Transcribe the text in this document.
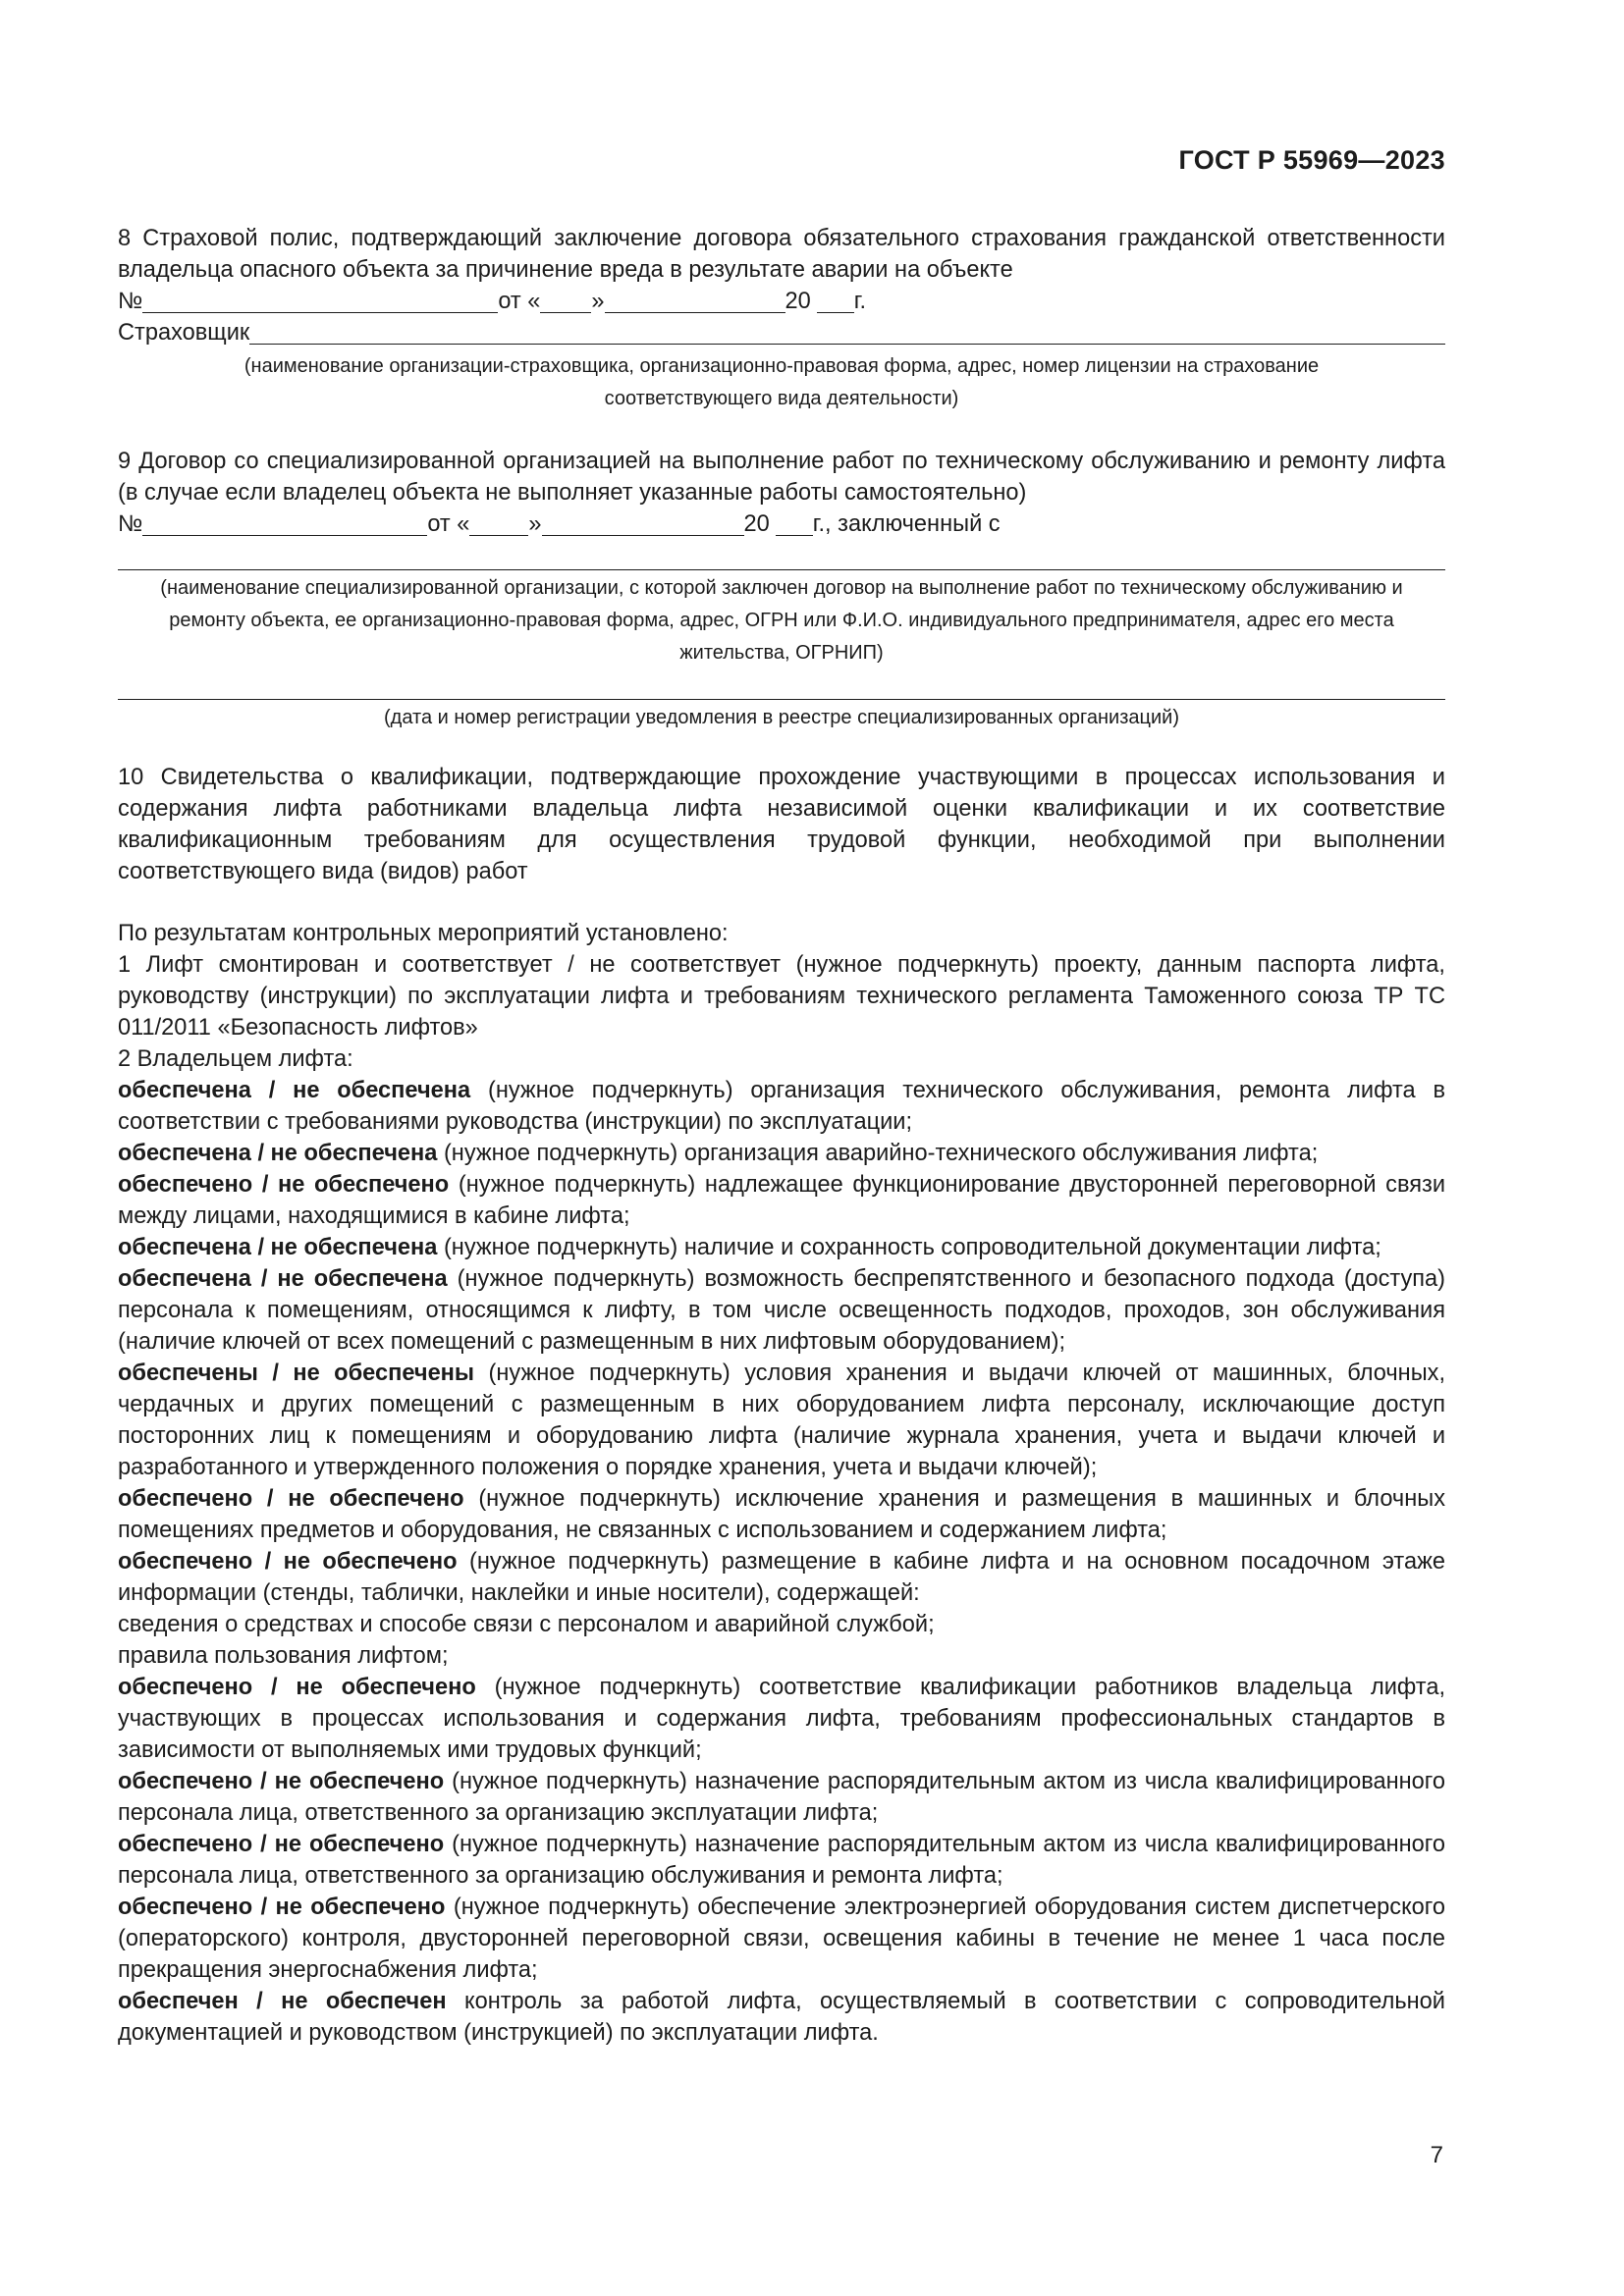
ГОСТ Р 55969—2023

8 Страховой полис, подтверждающий заключение договора обязательного страхования гражданской ответственности владельца опасного объекта за причинение вреда в результате аварии на объекте

№	от « »	20 г.
Страховщик
(наименование организации-страховщика, организационно-правовая форма, адрес, номер лицензии на страхование соответствующего вида деятельности)

9 Договор со специализированной организацией на выполнение работ по техническому обслуживанию и ремонту лифта (в случае если владелец объекта не выполняет указанные работы самостоятельно)

№	от «	»	20 г., заключенный с
(наименование специализированной организации, с которой заключен договор на выполнение работ по техническому обслуживанию и ремонту объекта, ее организационно-правовая форма, адрес, ОГРН или Ф.И.О. индивидуального предпринимателя, адрес его места жительства, ОГРНИП)
(дата и номер регистрации уведомления в реестре специализированных организаций)

10 Свидетельства о квалификации, подтверждающие прохождение участвующими в процессах использования и содержания лифта работниками владельца лифта независимой оценки квалификации и их соответствие квалификационным требованиям для осуществления трудовой функции, необходимой при выполнении соответствующего вида (видов) работ

По результатам контрольных мероприятий установлено:

1 Лифт смонтирован и соответствует / не соответствует (нужное подчеркнуть) проекту, данным паспорта лифта, руководству (инструкции) по эксплуатации лифта и требованиям технического регламента Таможенного союза ТР ТС 011/2011 «Безопасность лифтов»

2 Владельцем лифта:

обеспечена / не обеспечена (нужное подчеркнуть) организация технического обслуживания, ремонта лифта в соответствии с требованиями руководства (инструкции) по эксплуатации;

обеспечена / не обеспечена (нужное подчеркнуть) организация аварийно-технического обслуживания лифта;

обеспечено / не обеспечено (нужное подчеркнуть) надлежащее функционирование двусторонней переговорной связи между лицами, находящимися в кабине лифта;

обеспечена / не обеспечена (нужное подчеркнуть) наличие и сохранность сопроводительной документации лифта;

обеспечена / не обеспечена (нужное подчеркнуть) возможность беспрепятственного и безопасного подхода (доступа) персонала к помещениям, относящимся к лифту, в том числе освещенность подходов, проходов, зон обслуживания (наличие ключей от всех помещений с размещенным в них лифтовым оборудованием);

обеспечены / не обеспечены (нужное подчеркнуть) условия хранения и выдачи ключей от машинных, блочных, чердачных и других помещений с размещенным в них оборудованием лифта персоналу, исключающие доступ посторонних лиц к помещениям и оборудованию лифта (наличие журнала хранения, учета и выдачи ключей и разработанного и утвержденного положения о порядке хранения, учета и выдачи ключей);

обеспечено / не обеспечено (нужное подчеркнуть) исключение хранения и размещения в машинных и блочных помещениях предметов и оборудования, не связанных с использованием и содержанием лифта;

обеспечено / не обеспечено (нужное подчеркнуть) размещение в кабине лифта и на основном посадочном этаже информации (стенды, таблички, наклейки и иные носители), содержащей:

сведения о средствах и способе связи с персоналом и аварийной службой;

правила пользования лифтом;

обеспечено / не обеспечено (нужное подчеркнуть) соответствие квалификации работников владельца лифта, участвующих в процессах использования и содержания лифта, требованиям профессиональных стандартов в зависимости от выполняемых ими трудовых функций;

обеспечено / не обеспечено (нужное подчеркнуть) назначение распорядительным актом из числа квалифицированного персонала лица, ответственного за организацию эксплуатации лифта;

обеспечено / не обеспечено (нужное подчеркнуть) назначение распорядительным актом из числа квалифицированного персонала лица, ответственного за организацию обслуживания и ремонта лифта;

обеспечено / не обеспечено (нужное подчеркнуть) обеспечение электроэнергией оборудования систем диспетчерского (операторского) контроля, двусторонней переговорной связи, освещения кабины в течение не менее 1 часа после прекращения энергоснабжения лифта;

обеспечен / не обеспечен контроль за работой лифта, осуществляемый в соответствии с сопроводительной документацией и руководством (инструкцией) по эксплуатации лифта.

7
